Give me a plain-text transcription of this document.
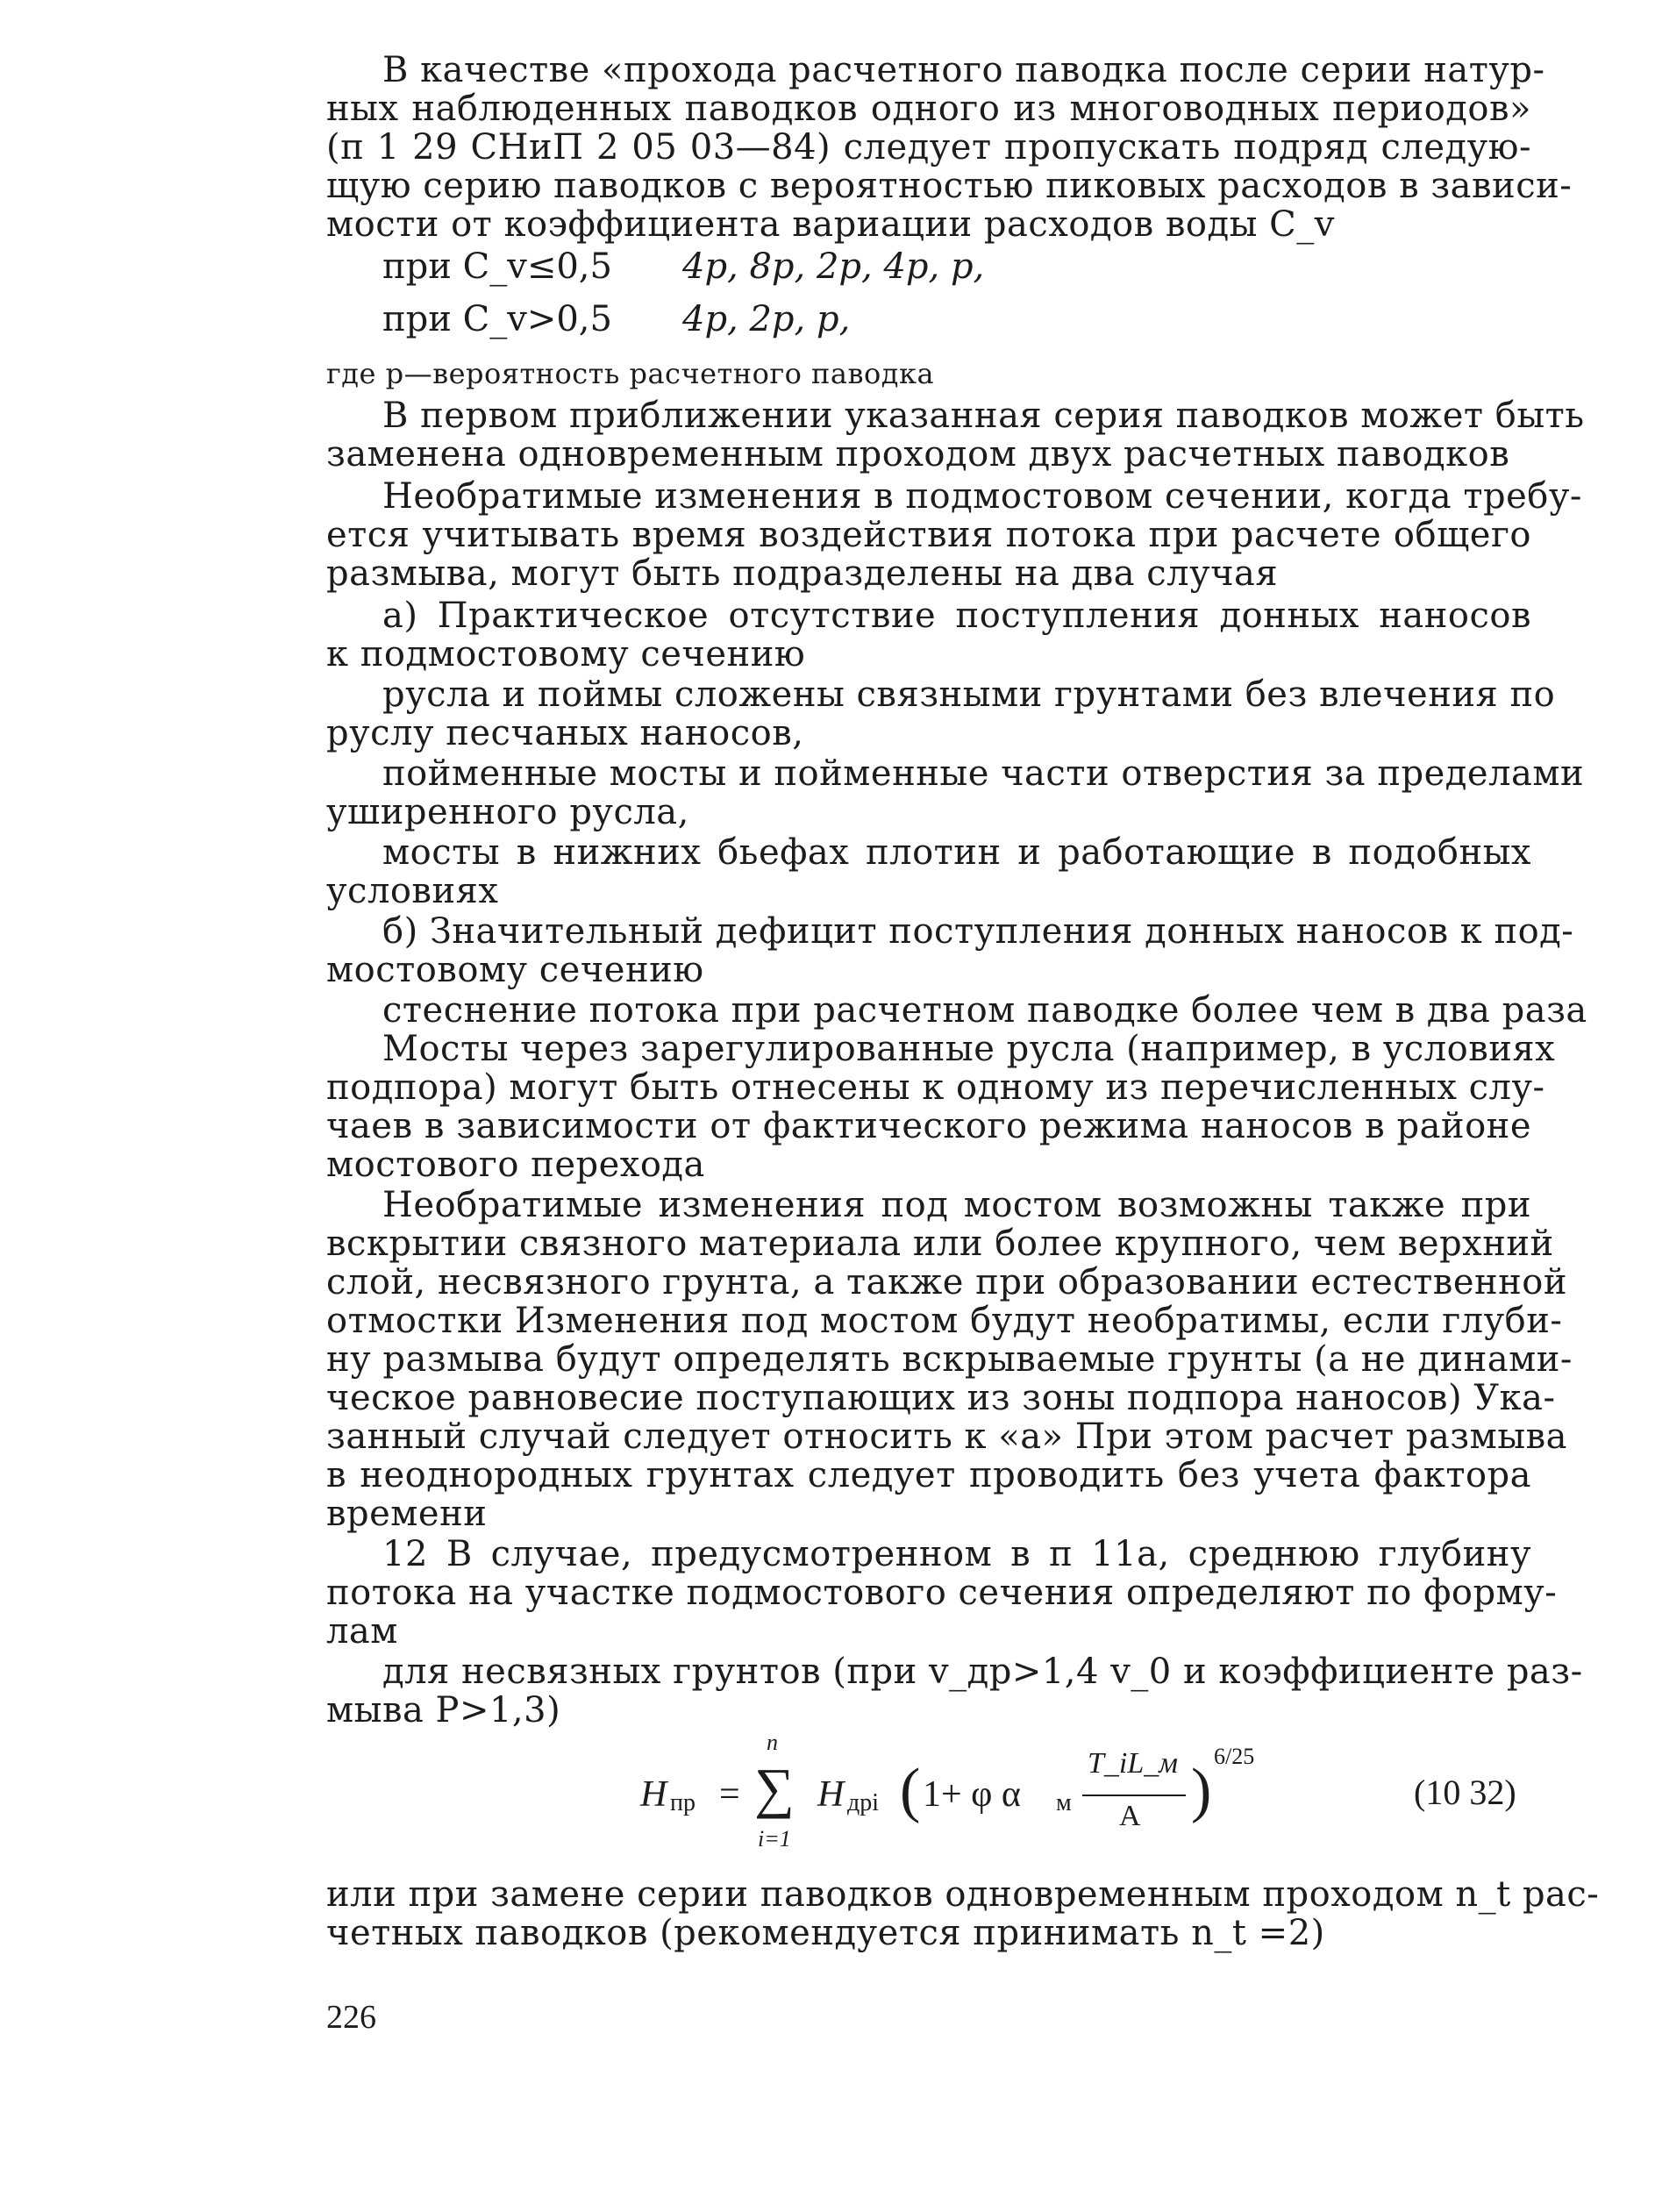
В качестве «прохода расчетного паводка после серии натур-
ных наблюденных паводков одного из многоводных периодов»
(п 1 29 СНиП 2 05 03—84) следует пропускать подряд следую-
щую серию паводков с вероятностью пиковых расходов в зависи-
мости от коэффициента вариации расходов воды C_v
при C_v≤0,5 4p, 8p, 2p, 4p, p,
при C_v>0,5 4p, 2p, p,
где p—вероятность расчетного паводка
В первом приближении указанная серия паводков может быть
заменена одновременным проходом двух расчетных паводков
Необратимые изменения в подмостовом сечении, когда требу-
ется учитывать время воздействия потока при расчете общего
размыва, могут быть подразделены на два случая
а) Практическое отсутствие поступления донных наносов
к подмостовому сечению
русла и поймы сложены связными грунтами без влечения по
руслу песчаных наносов,
пойменные мосты и пойменные части отверстия за пределами
уширенного русла,
мосты в нижних бьефах плотин и работающие в подобных
условиях
б) Значительный дефицит поступления донных наносов к под-
мостовому сечению
стеснение потока при расчетном паводке более чем в два раза
Мосты через зарегулированные русла (например, в условиях
подпора) могут быть отнесены к одному из перечисленных слу-
чаев в зависимости от фактического режима наносов в районе
мостового перехода
Необратимые изменения под мостом возможны также при
вскрытии связного материала или более крупного, чем верхний
слой, несвязного грунта, а также при образовании естественной
отмостки Изменения под мостом будут необратимы, если глуби-
ну размыва будут определять вскрываемые грунты (а не динами-
ческое равновесие поступающих из зоны подпора наносов) Ука-
занный случай следует относить к «а» При этом расчет размыва
в неоднородных грунтах следует проводить без учета фактора
времени
12 В случае, предусмотренном в п 11а, среднюю глубину
потока на участке подмостового сечения определяют по форму-
лам
для несвязных грунтов (при v_др>1,4 v_0 и коэффициенте раз-
мыва P>1,3)
H пр =
n
∑
i=1
H дрi ( 1+ φ α м
T_iL_м
A )
6/25
(10 32)
или при замене серии паводков одновременным проходом n_t рас-
четных паводков (рекомендуется принимать n_t =2)
226
